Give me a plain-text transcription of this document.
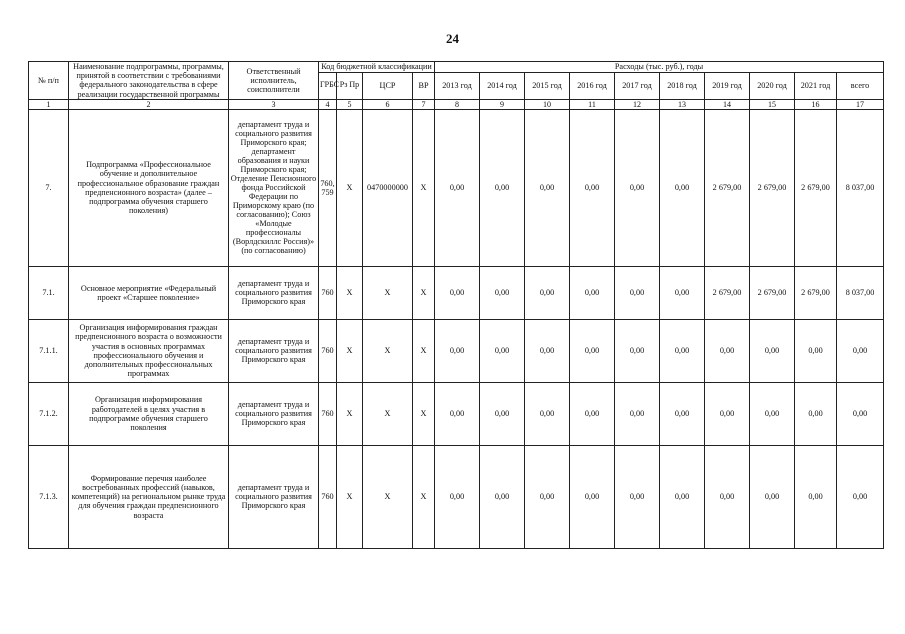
24
№ п/п	Наименование подпрограммы, программы, принятой в соответствии с требованиями федерального законодательства в сфере реализации государственной программы	Ответственный исполнитель, соисполнители	Код бюджетной классификации				Расходы (тыс. руб.), годы									
			ГРБС	Рз Пр	ЦСР	ВР	2013 год	2014 год	2015 год	2016 год	2017 год	2018 год	2019 год	2020 год	2021 год	всего
1	2	3	4	5	6	7	8	9	10	11	12	13	14	15	16	17
7.	Подпрограмма «Профессиональное обучение и дополнительное профессиональное образование граждан предпенсионного возраста» (далее – подпрограмма обучения старшего поколения)	департамент труда и социального развития Приморского края; департамент образования и науки Приморского края; Отделение Пенсионного фонда Российской Федерации по Приморскому краю (по согласованию); Союз «Молодые профессионалы (Ворлдскиллс Россия)» (по согласованию)	760, 759	X	0470000000	X	0,00	0,00	0,00	0,00	0,00	0,00	2 679,00	2 679,00	2 679,00	8 037,00
7.1.	Основное мероприятие «Федеральный проект «Старшее поколение»	департамент труда и социального развития Приморского края	760	X	X	X	0,00	0,00	0,00	0,00	0,00	0,00	2 679,00	2 679,00	2 679,00	8 037,00
7.1.1.	Организация информирования граждан предпенсионного возраста о возможности участия в основных программах профессионального обучения и дополнительных профессиональных программах	департамент труда и социального развития Приморского края	760	X	X	X	0,00	0,00	0,00	0,00	0,00	0,00	0,00	0,00	0,00	0,00
7.1.2.	Организация информирования работодателей в целях участия в подпрограмме обучения старшего поколения	департамент труда и социального развития Приморского края	760	X	X	X	0,00	0,00	0,00	0,00	0,00	0,00	0,00	0,00	0,00	0,00
7.1.3.	Формирование перечня наиболее востребованных профессий (навыков, компетенций) на региональном рынке труда для обучения граждан предпенсионного возраста	департамент труда и социального развития Приморского края	760	X	X	X	0,00	0,00	0,00	0,00	0,00	0,00	0,00	0,00	0,00	0,00
